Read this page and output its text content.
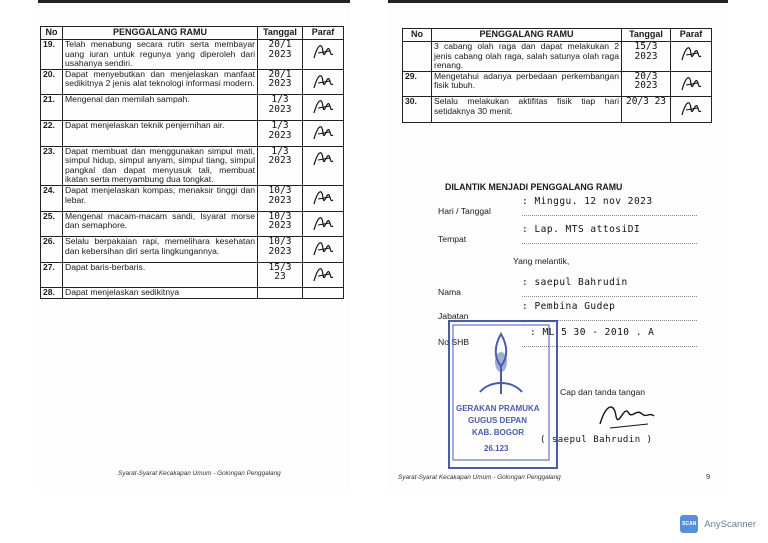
No	PENGGALANG RAMU	Tanggal	Paraf
19.	Telah menabung secara rutin serta membayar uang iuran untuk regunya yang diperoleh dari usahanya sendiri.	20/1 2023	
20.	Dapat menyebutkan dan menjelaskan manfaat sedikitnya 2 jenis alat teknologi informasi modern.	20/1 2023	
21.	Mengenal dan memilah sampah.	1/3 2023	
22.	Dapat menjelaskan teknik penjernihan air.	1/3 2023	
23.	Dapat membuat dan menggunakan simpul mati, simpul hidup, simpul anyam, simpul tiang, simpul pangkal dan dapat menyusuk tali, membuat ikatan serta menyambung dua tongkat.	1/3 2023	
24.	Dapat menjelaskan kompas, menaksir tinggi dan lebar.	10/3 2023	
25.	Mengenal macam-macam sandi, Isyarat morse dan semaphore.	10/3 2023	
26.	Selalu berpakaian rapi, memelihara kesehatan dan kebersihan diri serta lingkungannya.	10/3 2023	
27.	Dapat baris-berbaris.	15/3 23	
28.	Dapat menjelaskan sedikitnya		
Syarat-Syarat Kecakapan Umum - Golongan Penggalang
No	PENGGALANG RAMU	Tanggal	Paraf
	3 cabang olah raga dan dapat melakukan 2 jenis cabang olah raga, salah satunya olah raga renang.	15/3 2023	
29.	Mengetahui adanya perbedaan perkembangan fisik tubuh.	20/3 2023	
30.	Selalu melakukan aktifitas fisik tiap hari setidaknya 30 menit.	20/3 23	
DILANTIK MENJADI PENGGALANG RAMU
Hari / Tanggal
: Minggu. 12 nov 2023
Tempat
: Lap. MTS attosiDI
Yang melantik,
Nama
: saepul Bahrudin
Jabatan
: Pembina Gudep
No SHB
: ML 5 30 - 2010 . A
GERAKAN PRAMUKA
GUGUS DEPAN
KAB. BOGOR
26.123
Cap dan tanda tangan
( saepul Bahrudin )
Syarat-Syarat Kecakapan Umum - Golongan Penggalang	9
SCAN AnyScanner
